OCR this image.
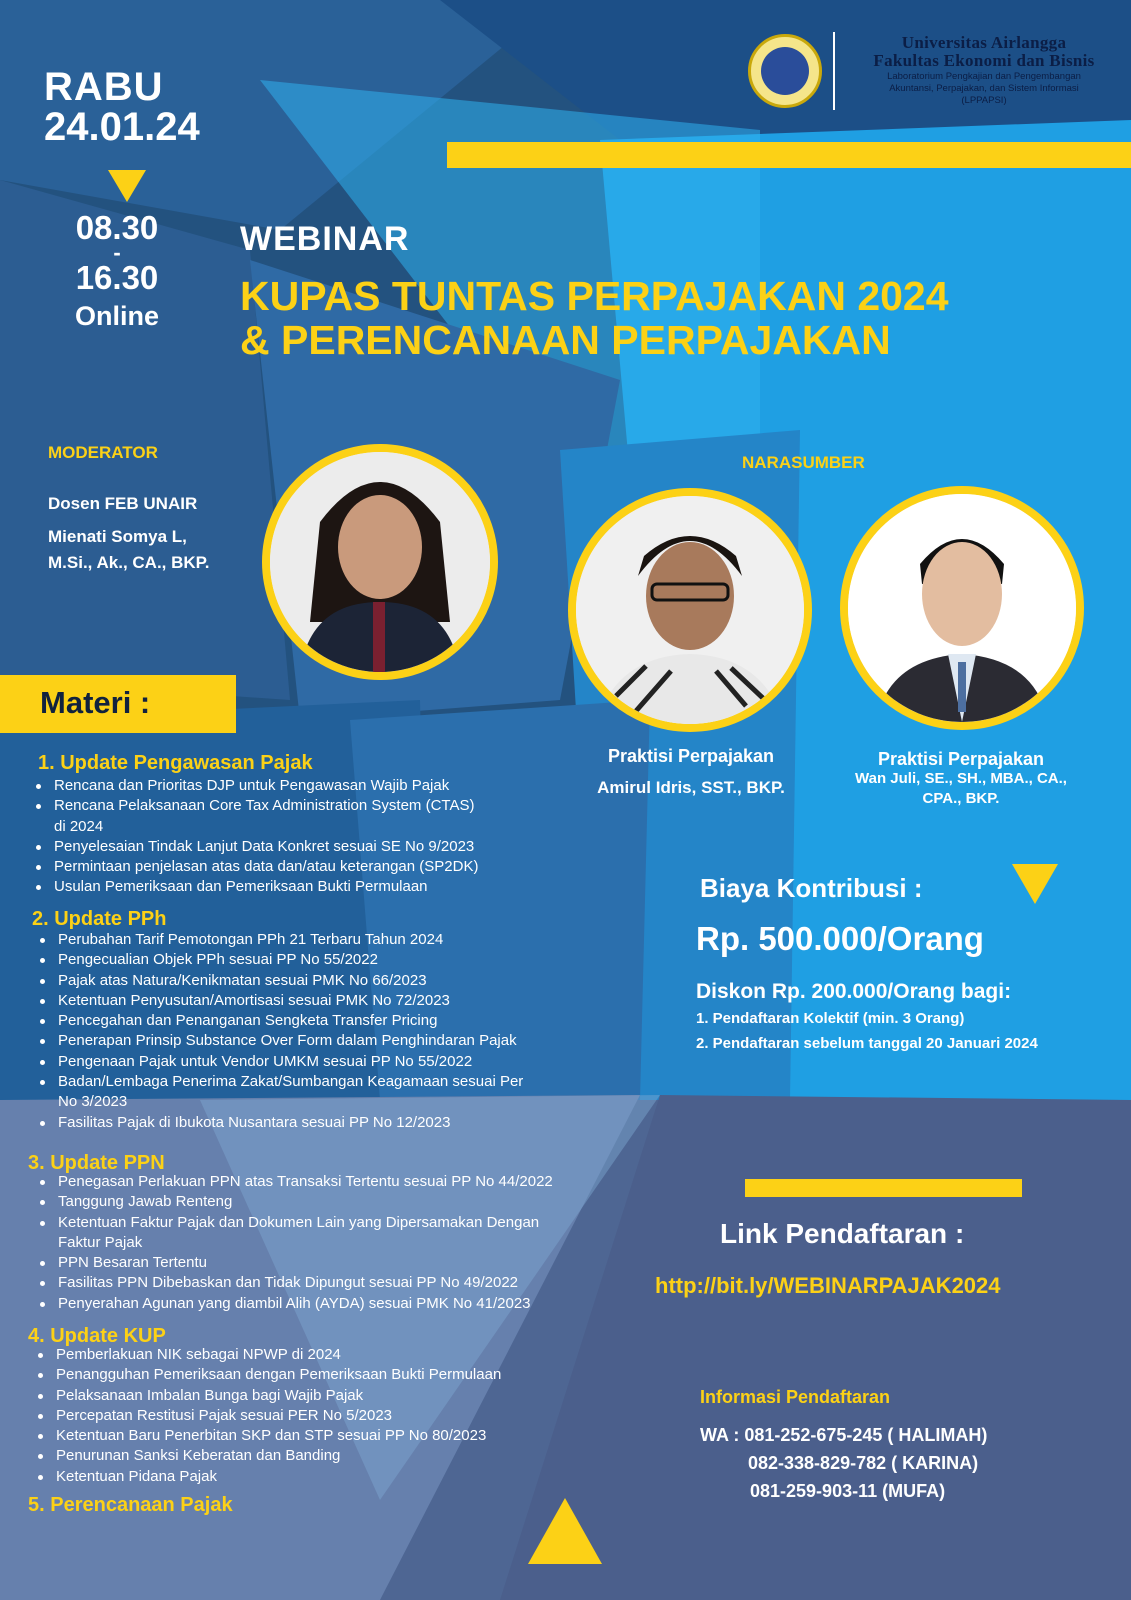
RABU
24.01.24
08.30
-
16.30
Online
Universitas Airlangga
Fakultas Ekonomi dan Bisnis
Laboratorium Pengkajian dan Pengembangan
Akuntansi, Perpajakan, dan Sistem Informasi
(LPPAPSI)
WEBINAR
KUPAS TUNTAS PERPAJAKAN 2024
& PERENCANAAN PERPAJAKAN
MODERATOR
Dosen FEB UNAIR
Mienati Somya L,
M.Si., Ak., CA., BKP.
NARASUMBER
Praktisi Perpajakan
Amirul Idris, SST., BKP.
Praktisi Perpajakan
Wan Juli, SE., SH., MBA., CA.,
CPA., BKP.
Materi :
1. Update Pengawasan Pajak
Rencana dan Prioritas DJP untuk Pengawasan Wajib Pajak
Rencana Pelaksanaan Core Tax Administration System (CTAS)
di 2024
Penyelesaian Tindak Lanjut Data Konkret sesuai SE No 9/2023
Permintaan penjelasan atas data dan/atau keterangan (SP2DK)
Usulan Pemeriksaan dan Pemeriksaan Bukti Permulaan
2. Update PPh
Perubahan Tarif Pemotongan PPh 21 Terbaru Tahun 2024
Pengecualian Objek PPh sesuai PP No 55/2022
Pajak atas Natura/Kenikmatan sesuai PMK No 66/2023
Ketentuan Penyusutan/Amortisasi sesuai PMK No 72/2023
Pencegahan dan Penanganan Sengketa Transfer Pricing
Penerapan Prinsip Substance Over Form dalam Penghindaran Pajak
Pengenaan Pajak untuk Vendor UMKM sesuai PP No 55/2022
Badan/Lembaga Penerima Zakat/Sumbangan Keagamaan sesuai Per
No 3/2023
Fasilitas Pajak di Ibukota Nusantara sesuai PP No 12/2023
3. Update PPN
Penegasan Perlakuan PPN atas Transaksi Tertentu sesuai PP No 44/2022
Tanggung Jawab Renteng
Ketentuan Faktur Pajak dan Dokumen Lain yang Dipersamakan Dengan
Faktur Pajak
PPN Besaran Tertentu
Fasilitas PPN Dibebaskan dan Tidak Dipungut sesuai PP No 49/2022
Penyerahan Agunan yang diambil Alih (AYDA) sesuai PMK No 41/2023
4. Update KUP
Pemberlakuan NIK sebagai NPWP di 2024
Penangguhan Pemeriksaan dengan Pemeriksaan Bukti Permulaan
Pelaksanaan Imbalan Bunga bagi Wajib Pajak
Percepatan Restitusi Pajak sesuai PER No 5/2023
Ketentuan Baru Penerbitan SKP dan STP sesuai PP No 80/2023
Penurunan Sanksi Keberatan dan Banding
Ketentuan Pidana Pajak
5. Perencanaan Pajak
Biaya Kontribusi :
Rp. 500.000/Orang
Diskon Rp. 200.000/Orang bagi:
1. Pendaftaran Kolektif (min. 3 Orang)
2. Pendaftaran sebelum tanggal 20 Januari 2024
Link Pendaftaran :
http://bit.ly/WEBINARPAJAK2024
Informasi Pendaftaran
WA : 081-252-675-245 ( HALIMAH)
082-338-829-782 ( KARINA)
081-259-903-11 (MUFA)
